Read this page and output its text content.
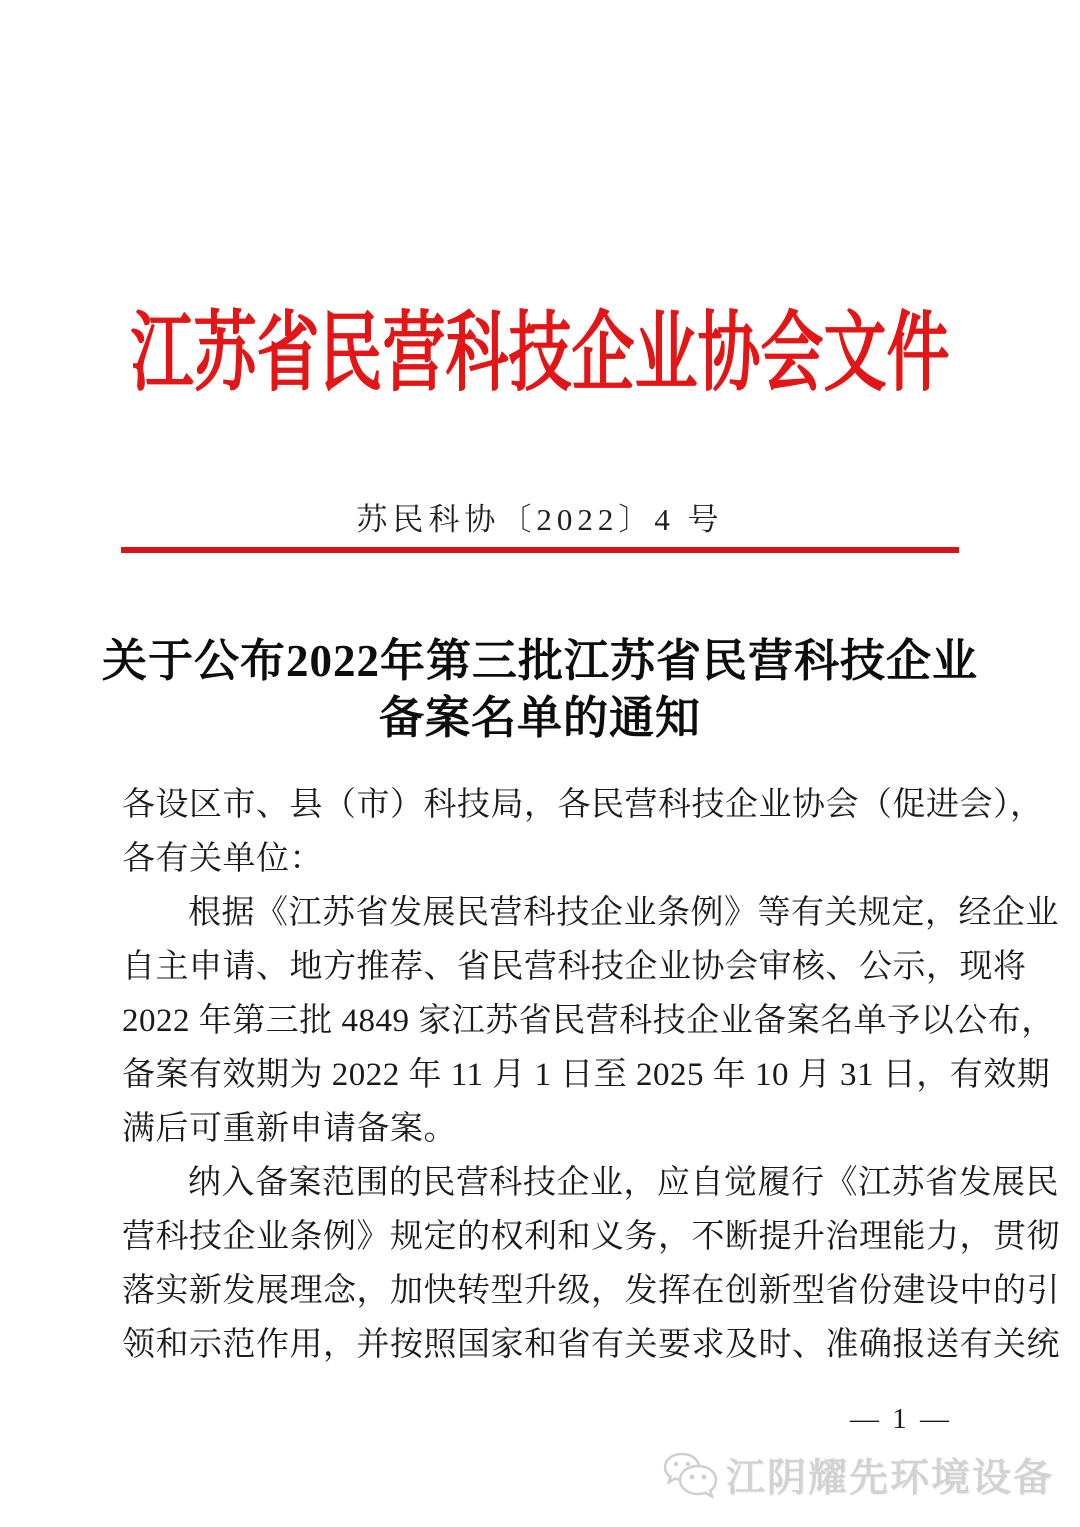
江苏省民营科技企业协会文件
苏民科协〔2022〕4 号
关于公布2022年第三批江苏省民营科技企业
备案名单的通知
各设区市、县（市）科技局，各民营科技企业协会（促进会），
各有关单位：
根据《江苏省发展民营科技企业条例》等有关规定，经企业
自主申请、地方推荐、省民营科技企业协会审核、公示，现将
2022 年第三批 4849 家江苏省民营科技企业备案名单予以公布，
备案有效期为 2022 年 11 月 1 日至 2025 年 10 月 31 日，有效期
满后可重新申请备案。
纳入备案范围的民营科技企业，应自觉履行《江苏省发展民
营科技企业条例》规定的权利和义务，不断提升治理能力，贯彻
落实新发展理念，加快转型升级，发挥在创新型省份建设中的引
领和示范作用，并按照国家和省有关要求及时、准确报送有关统
— 1 —
江阴耀先环境设备
